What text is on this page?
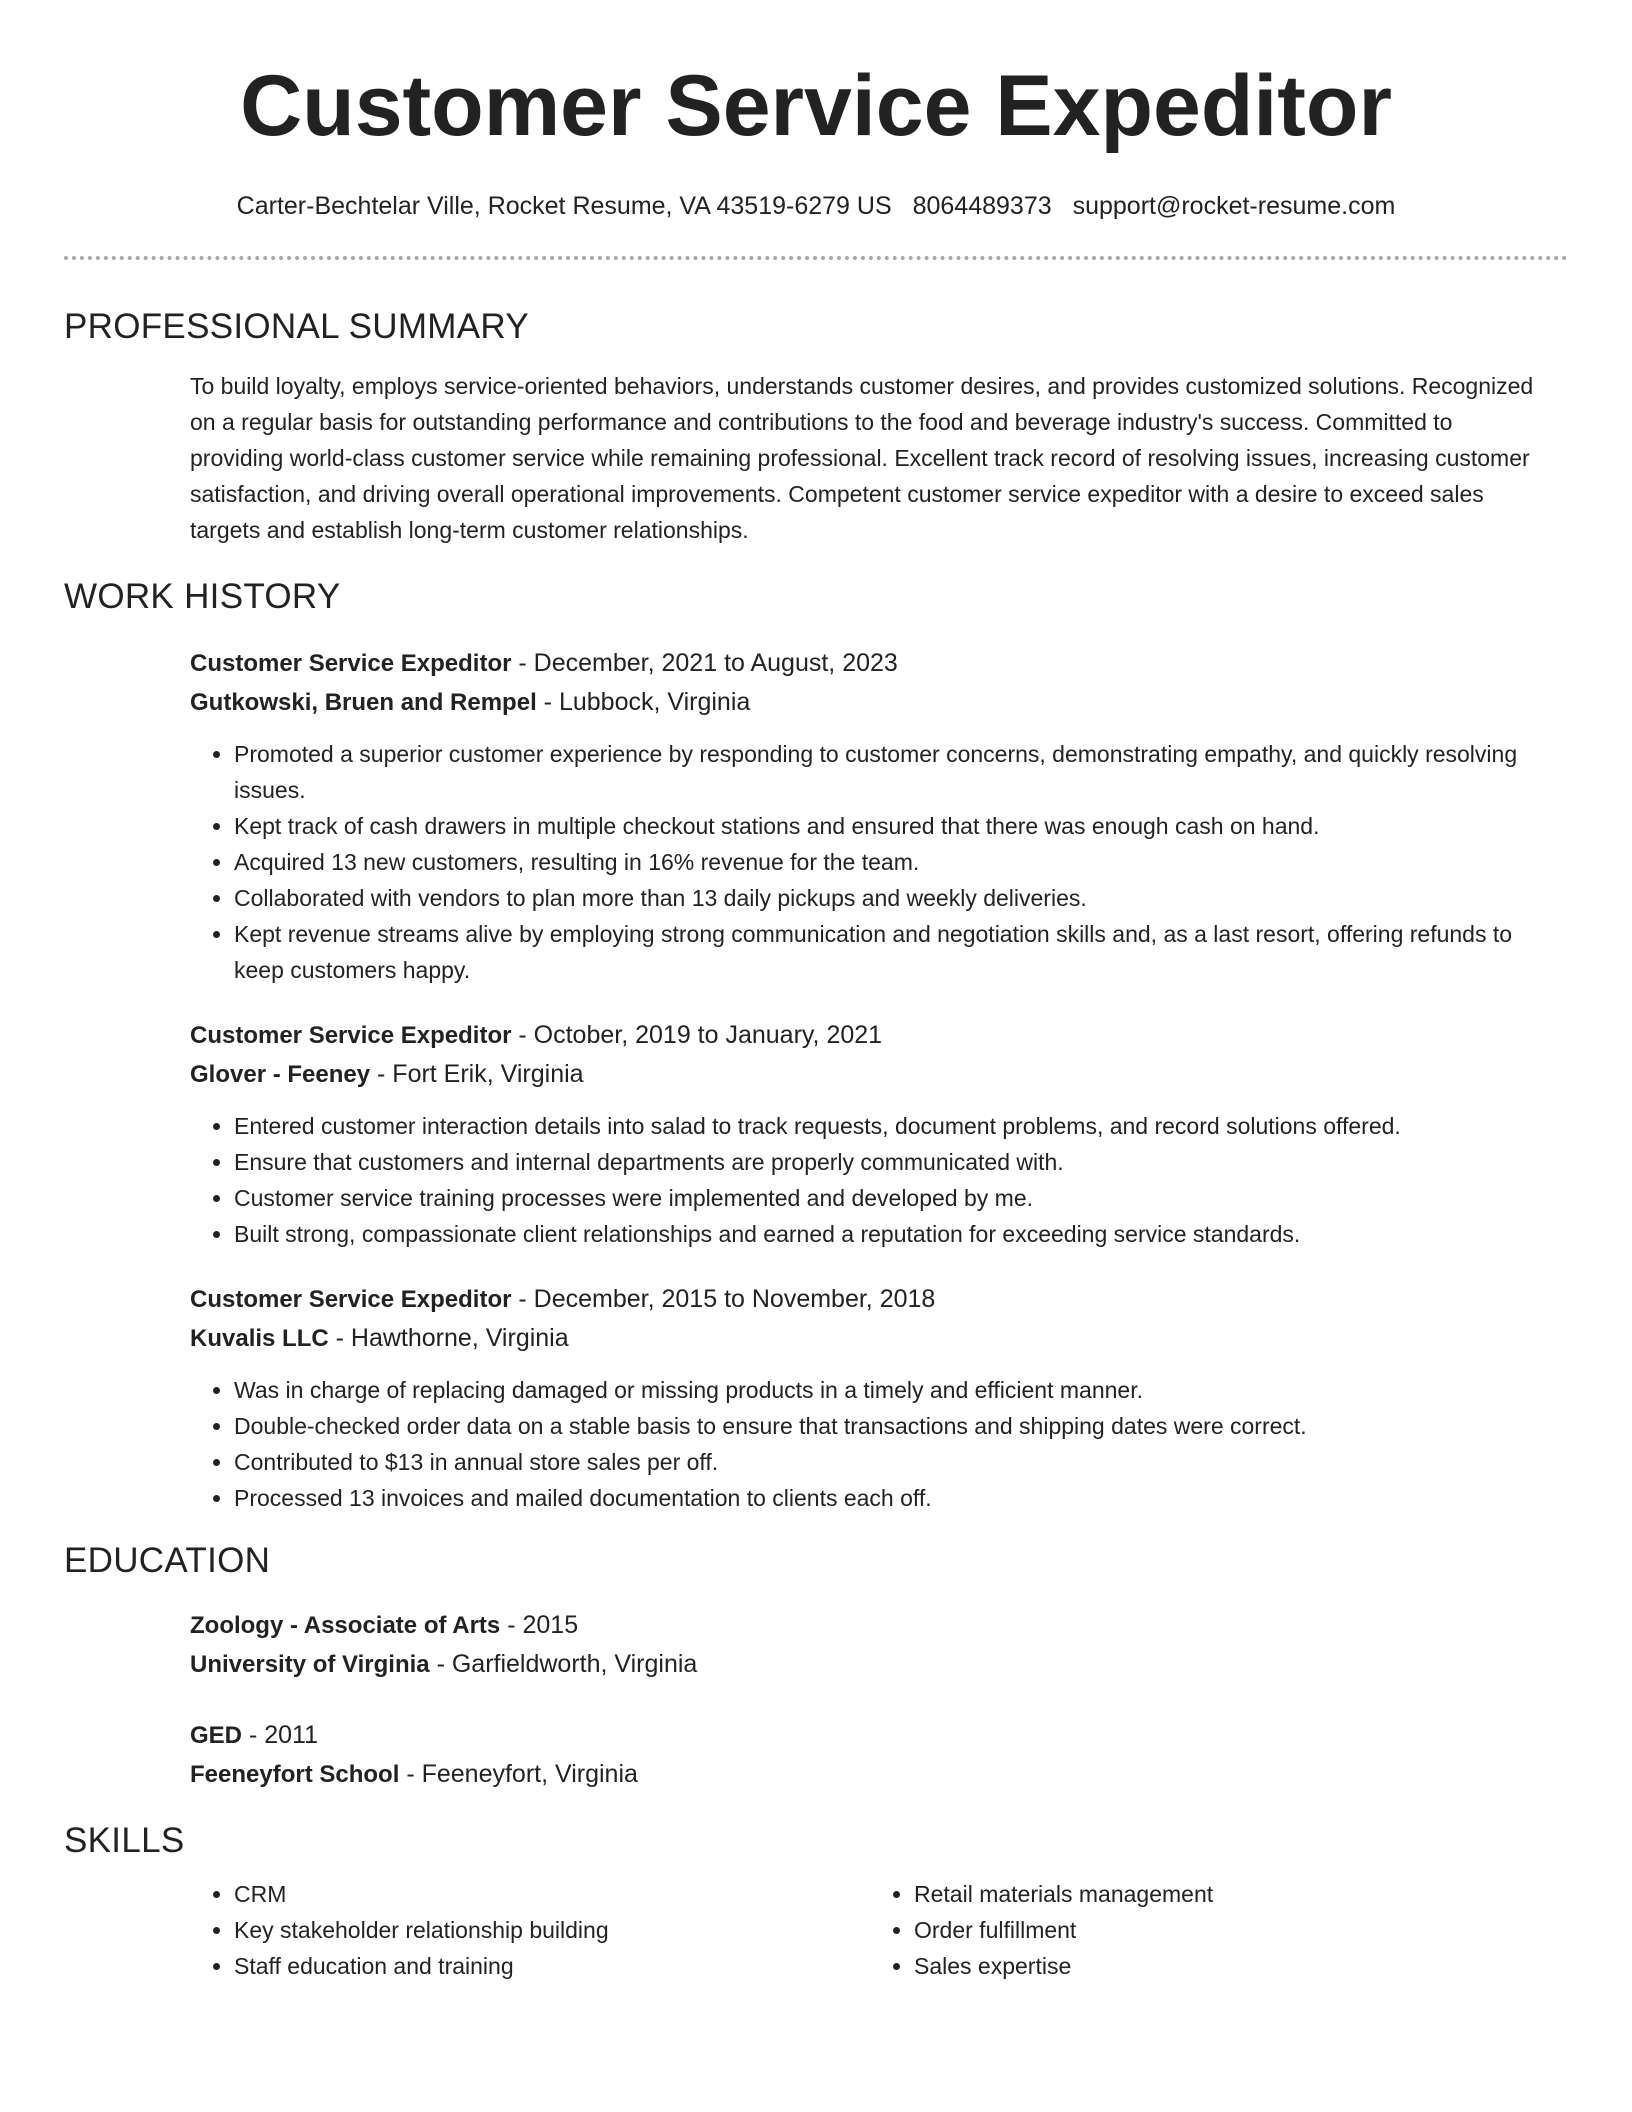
Customer Service Expeditor
Carter-Bechtelar Ville, Rocket Resume, VA 43519-6279 US 8064489373 support@rocket-resume.com
PROFESSIONAL SUMMARY
To build loyalty, employs service-oriented behaviors, understands customer desires, and provides customized solutions. Recognized on a regular basis for outstanding performance and contributions to the food and beverage industry's success. Committed to providing world-class customer service while remaining professional. Excellent track record of resolving issues, increasing customer satisfaction, and driving overall operational improvements. Competent customer service expeditor with a desire to exceed sales targets and establish long-term customer relationships.
WORK HISTORY
Customer Service Expeditor - December, 2021 to August, 2023
Gutkowski, Bruen and Rempel - Lubbock, Virginia
• Promoted a superior customer experience by responding to customer concerns, demonstrating empathy, and quickly resolving issues.
• Kept track of cash drawers in multiple checkout stations and ensured that there was enough cash on hand.
• Acquired 13 new customers, resulting in 16% revenue for the team.
• Collaborated with vendors to plan more than 13 daily pickups and weekly deliveries.
• Kept revenue streams alive by employing strong communication and negotiation skills and, as a last resort, offering refunds to keep customers happy.
Customer Service Expeditor - October, 2019 to January, 2021
Glover - Feeney - Fort Erik, Virginia
• Entered customer interaction details into salad to track requests, document problems, and record solutions offered.
• Ensure that customers and internal departments are properly communicated with.
• Customer service training processes were implemented and developed by me.
• Built strong, compassionate client relationships and earned a reputation for exceeding service standards.
Customer Service Expeditor - December, 2015 to November, 2018
Kuvalis LLC - Hawthorne, Virginia
• Was in charge of replacing damaged or missing products in a timely and efficient manner.
• Double-checked order data on a stable basis to ensure that transactions and shipping dates were correct.
• Contributed to $13 in annual store sales per off.
• Processed 13 invoices and mailed documentation to clients each off.
EDUCATION
Zoology - Associate of Arts - 2015
University of Virginia - Garfieldworth, Virginia
GED - 2011
Feeneyfort School - Feeneyfort, Virginia
SKILLS
• CRM
• Key stakeholder relationship building
• Staff education and training
• Retail materials management
• Order fulfillment
• Sales expertise
